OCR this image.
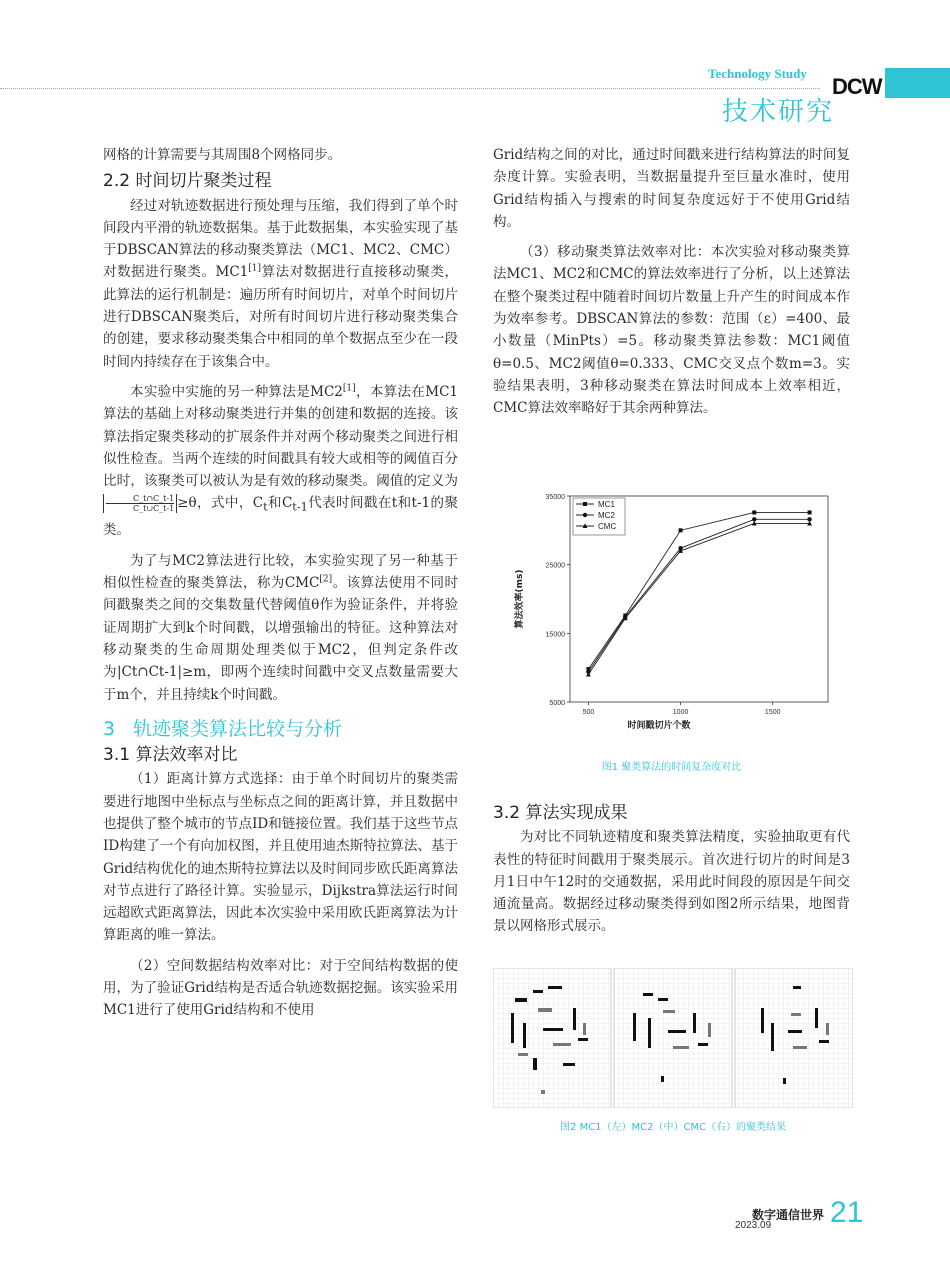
Technology Study
DCW
技术研究

网格的计算需要与其周围8个网格同步。

2.2 时间切片聚类过程

经过对轨迹数据进行预处理与压缩，我们得到了单个时间段内平滑的轨迹数据集。基于此数据集，本实验实现了基于DBSCAN算法的移动聚类算法（MC1、MC2、CMC）对数据进行聚类。MC1[1]算法对数据进行直接移动聚类，此算法的运行机制是：遍历所有时间切片，对单个时间切片进行DBSCAN聚类后，对所有时间切片进行移动聚类集合的创建，要求移动聚类集合中相同的单个数据点至少在一段时间内持续存在于该集合中。

本实验中实施的另一种算法是MC2[1]，本算法在MC1算法的基础上对移动聚类进行并集的创建和数据的连接。该算法指定聚类移动的扩展条件并对两个移动聚类之间进行相似性检查。当两个连续的时间戳具有较大或相等的阈值百分比时，该聚类可以被认为是有效的移动聚类。阈值的定义为
$\frac{C\_t\cap C\_t-1}{C\_t\cup C\_t-1} \ge\theta$，式中，$C_t$和$C_{t-1}$代表时间戳在t和t-1的聚类。

为了与MC2算法进行比较，本实验实现了另一种基于相似性检查的聚类算法，称为CMC[2]。该算法使用不同时间戳聚类之间的交集数量代替阈值θ作为验证条件，并将验证周期扩大到k个时间戳，以增强输出的特征。这种算法对移动聚类的生命周期处理类似于MC2，但判定条件改为|Ct∩Ct-1|≥m，即两个连续时间戳中交叉点数量需要大于m个，并且持续k个时间戳。

3 轨迹聚类算法比较与分析
3.1 算法效率对比

（1）距离计算方式选择：由于单个时间切片的聚类需要进行地图中坐标点与坐标点之间的距离计算，并且数据中也提供了整个城市的节点ID和链接位置。我们基于这些节点ID构建了一个有向加权图，并且使用迪杰斯特拉算法、基于Grid结构优化的迪杰斯特拉算法以及时间同步欧氏距离算法对节点进行了路径计算。实验显示，Dijkstra算法运行时间远超欧式距离算法，因此本次实验中采用欧氏距离算法为计算距离的唯一算法。

（2）空间数据结构效率对比：对于空间结构数据的使用，为了验证Grid结构是否适合轨迹数据挖掘。该实验采用MC1进行了使用Grid结构和不使用

Grid结构之间的对比，通过时间戳来进行结构算法的时间复杂度计算。实验表明，当数据量提升至巨量水准时，使用Grid结构插入与搜索的时间复杂度远好于不使用Grid结构。

（3）移动聚类算法效率对比：本次实验对移动聚类算法MC1、MC2和CMC的算法效率进行了分析，以上述算法在整个聚类过程中随着时间切片数量上升产生的时间成本作为效率参考。DBSCAN算法的参数：范围（ε）=400、最小数量（MinPts）=5。移动聚类算法参数：MC1阈值θ=0.5、MC2阈值θ=0.333、CMC交叉点个数m=3。实验结果表明，3种移动聚类在算法时间成本上效率相近，CMC算法效率略好于其余两种算法。

5000
15000
25000
35000
500	1000	1500
时间戳切片个数
算法效率(ms)
MC1
MC2
CMC
图1 聚类算法的时间复杂度对比
3.2 算法实现成果

为对比不同轨迹精度和聚类算法精度，实验抽取更有代表性的特征时间戳用于聚类展示。首次进行切片的时间是3月1日中午12时的交通数据，采用此时间段的原因是午间交通流量高。数据经过移动聚类得到如图2所示结果，地图背景以网格形式展示。

图2 MC1（左）MC2（中）CMC（右）的聚类结果
数字通信世界
2023.09 21
